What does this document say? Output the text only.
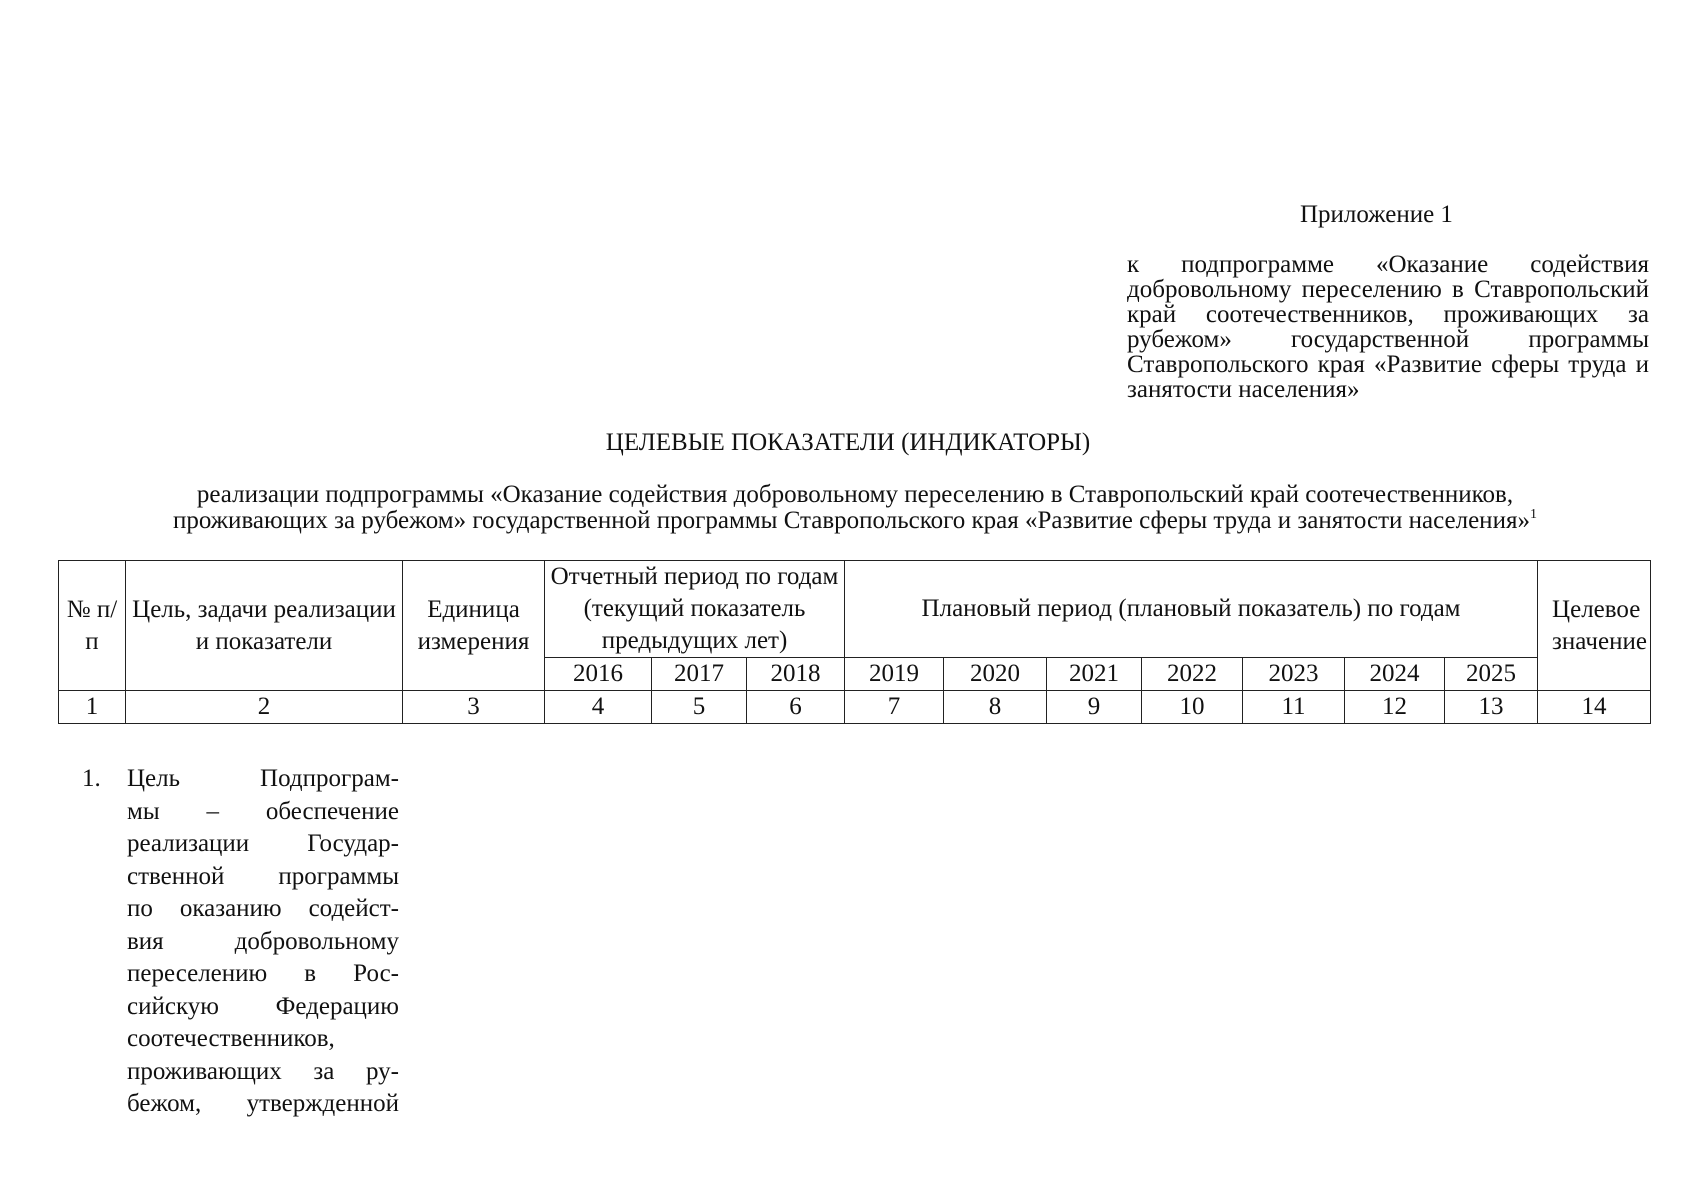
Приложение 1

к подпрограмме «Оказание содействия добровольному переселению в Ставропольский край соотечественников, проживающих за рубежом» государственной программы Ставропольского края «Развитие сферы труда и занятости населения»

ЦЕЛЕВЫЕ ПОКАЗАТЕЛИ (ИНДИКАТОРЫ)
реализации подпрограммы «Оказание содействия добровольному переселению в Ставропольский край соотечественников,
проживающих за рубежом» государственной программы Ставропольского края «Развитие сферы труда и занятости населения»$^1$
№ п/п	Цель, задачи реализации и показатели	Единица измерения	Отчетный период по годам (текущий показатель предыдущих лет)			Плановый период (плановый показатель) по годам							Целевое значение
			2016	2017	2018	2019	2020	2021	2022	2023	2024	2025	
1	2	3	4	5	6	7	8	9	10	11	12	13	14
1.	Цель Подпрограм-
мы – обеспечение
реализации Государ-
ственной программы
по оказанию содейст-
вия добровольному
переселению в Рос-
сийскую Федерацию
соотечественников,
проживающих за ру-
бежом, утвержденной
